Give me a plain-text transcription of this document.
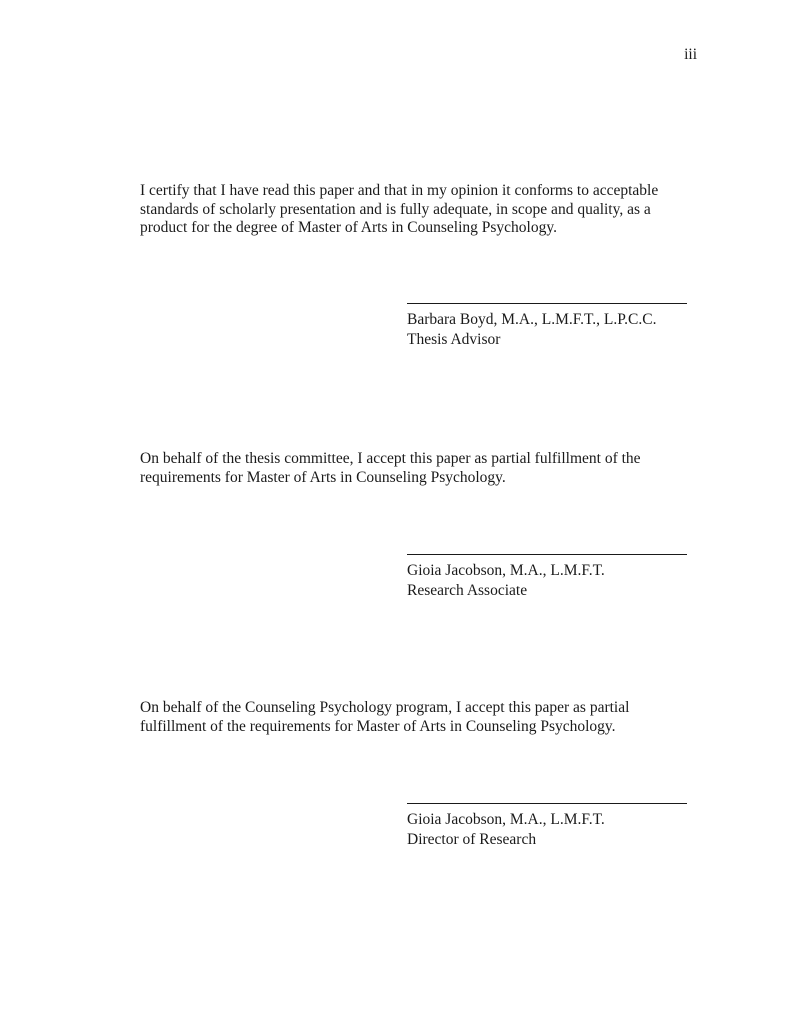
iii
I certify that I have read this paper and that in my opinion it conforms to acceptable
standards of scholarly presentation and is fully adequate, in scope and quality, as a
product for the degree of Master of Arts in Counseling Psychology.
Barbara Boyd, M.A., L.M.F.T., L.P.C.C.
Thesis Advisor
On behalf of the thesis committee, I accept this paper as partial fulfillment of the
requirements for Master of Arts in Counseling Psychology.
Gioia Jacobson, M.A., L.M.F.T.
Research Associate
On behalf of the Counseling Psychology program, I accept this paper as partial
fulfillment of the requirements for Master of Arts in Counseling Psychology.
Gioia Jacobson, M.A., L.M.F.T.
Director of Research
